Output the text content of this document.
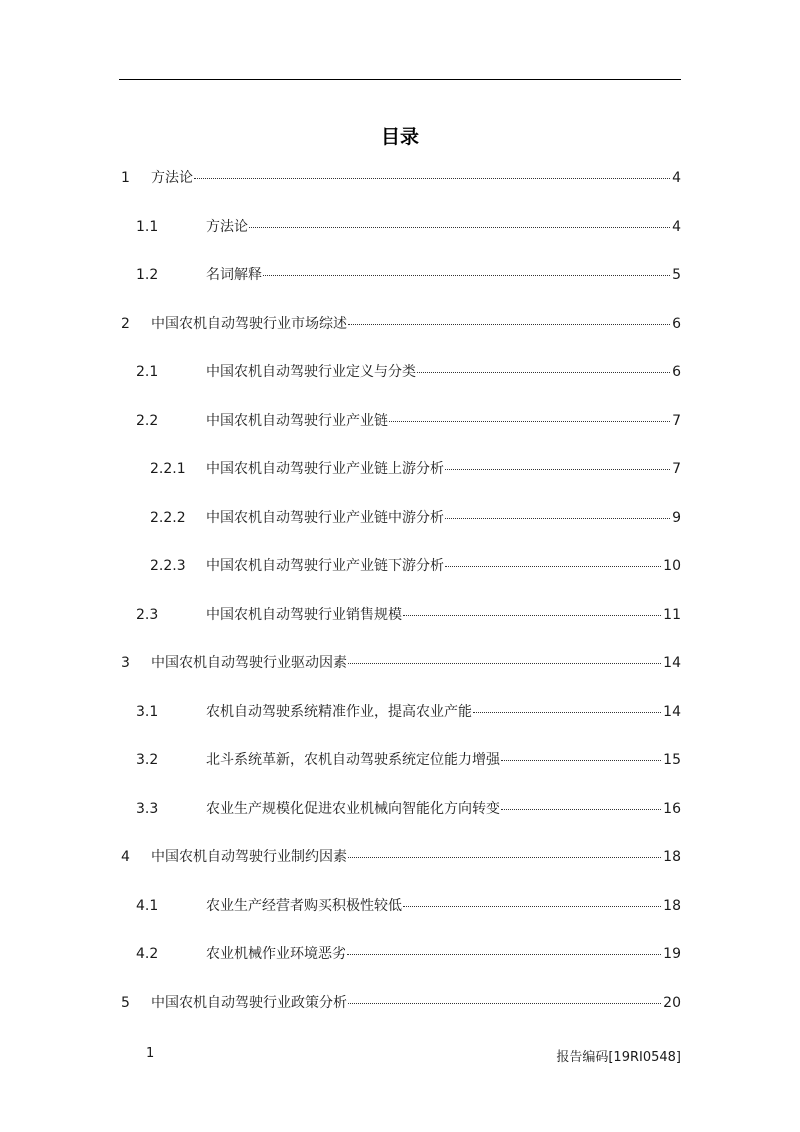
目录
1 方法论	4
1.1	方法论	4
1.2	名词解释	5
2 中国农机自动驾驶行业市场综述	6
2.1	中国农机自动驾驶行业定义与分类	6
2.2	中国农机自动驾驶行业产业链	7
2.2.1 中国农机自动驾驶行业产业链上游分析	7
2.2.2 中国农机自动驾驶行业产业链中游分析	9
2.2.3 中国农机自动驾驶行业产业链下游分析	10
2.3	中国农机自动驾驶行业销售规模	11
3 中国农机自动驾驶行业驱动因素	14
3.1	农机自动驾驶系统精准作业，提高农业产能	14
3.2	北斗系统革新，农机自动驾驶系统定位能力增强	15
3.3	农业生产规模化促进农业机械向智能化方向转变	16
4 中国农机自动驾驶行业制约因素	18
4.1	农业生产经营者购买积极性较低	18
4.2	农业机械作业环境恶劣	19
5 中国农机自动驾驶行业政策分析	20
1	报告编码[19RI0548]
